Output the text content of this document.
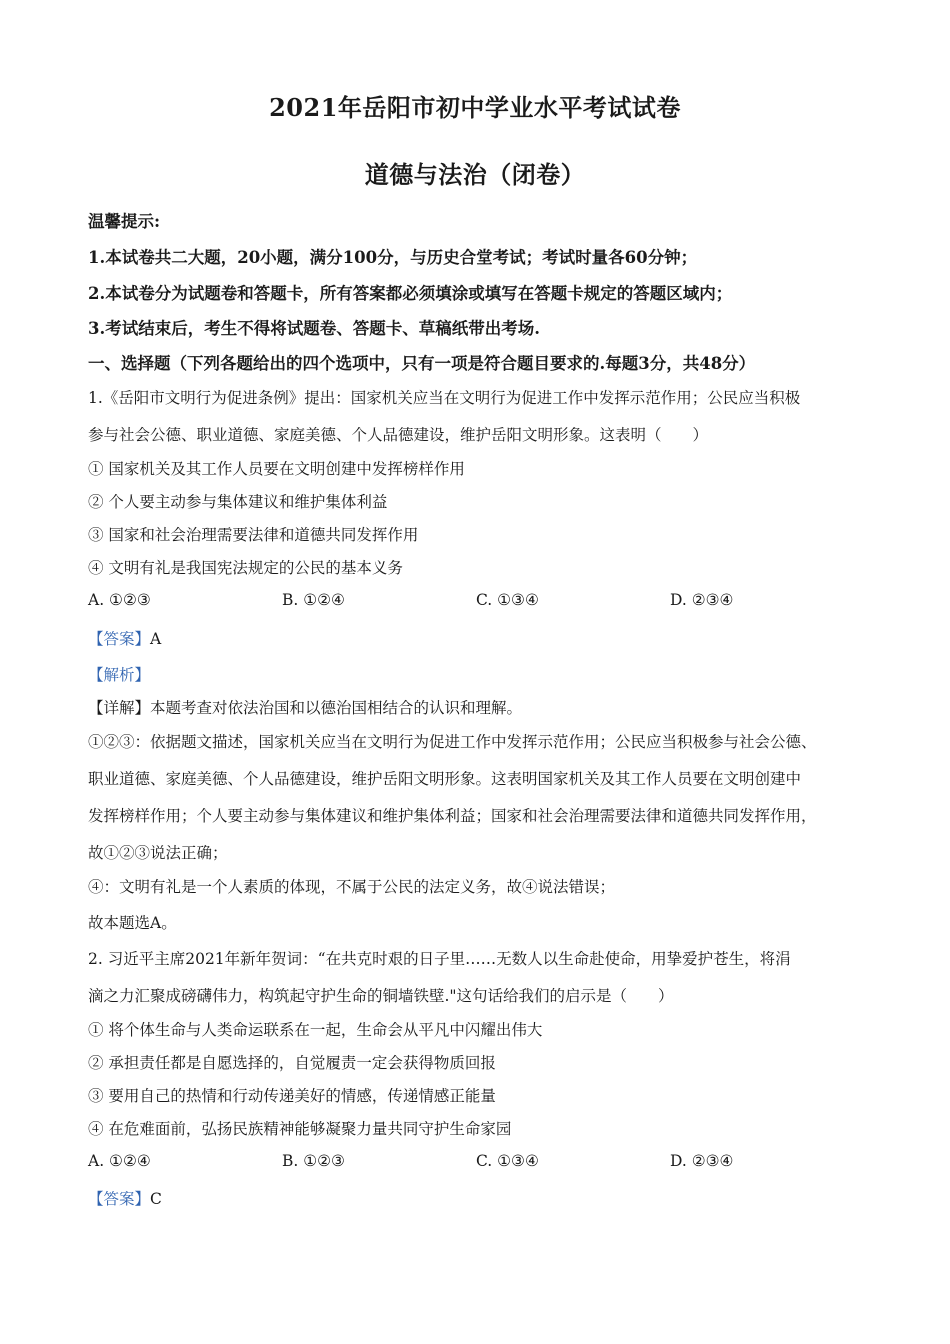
2021年岳阳市初中学业水平考试试卷
道德与法治（闭卷）
温馨提示:
1.本试卷共二大题，20小题，满分100分，与历史合堂考试；考试时量各60分钟；
2.本试卷分为试题卷和答题卡，所有答案都必须填涂或填写在答题卡规定的答题区域内；
3.考试结束后，考生不得将试题卷、答题卡、草稿纸带出考场.
一、选择题（下列各题给出的四个选项中，只有一项是符合题目要求的.每题3分，共48分）
1.《岳阳市文明行为促进条例》提出：国家机关应当在文明行为促进工作中发挥示范作用；公民应当积极
参与社会公德、职业道德、家庭美德、个人品德建设，维护岳阳文明形象。这表明（　　）
① 国家机关及其工作人员要在文明创建中发挥榜样作用
② 个人要主动参与集体建议和维护集体利益
③ 国家和社会治理需要法律和道德共同发挥作用
④ 文明有礼是我国宪法规定的公民的基本义务
A. ①②③	B. ①②④	C. ①③④	D. ②③④
【答案】A
【解析】
【详解】本题考查对依法治国和以德治国相结合的认识和理解。
①②③：依据题文描述，国家机关应当在文明行为促进工作中发挥示范作用；公民应当积极参与社会公德、
职业道德、家庭美德、个人品德建设，维护岳阳文明形象。这表明国家机关及其工作人员要在文明创建中
发挥榜样作用；个人要主动参与集体建议和维护集体利益；国家和社会治理需要法律和道德共同发挥作用，
故①②③说法正确；
④：文明有礼是一个人素质的体现，不属于公民的法定义务，故④说法错误；
故本题选A。
2. 习近平主席2021年新年贺词：“在共克时艰的日子里……无数人以生命赴使命，用挚爱护苍生，将涓
滴之力汇聚成磅礴伟力，构筑起守护生命的铜墙铁壁."这句话给我们的启示是（　　）
① 将个体生命与人类命运联系在一起，生命会从平凡中闪耀出伟大
② 承担责任都是自愿选择的，自觉履责一定会获得物质回报
③ 要用自己的热情和行动传递美好的情感，传递情感正能量
④ 在危难面前，弘扬民族精神能够凝聚力量共同守护生命家园
A. ①②④	B. ①②③	C. ①③④	D. ②③④
【答案】C
